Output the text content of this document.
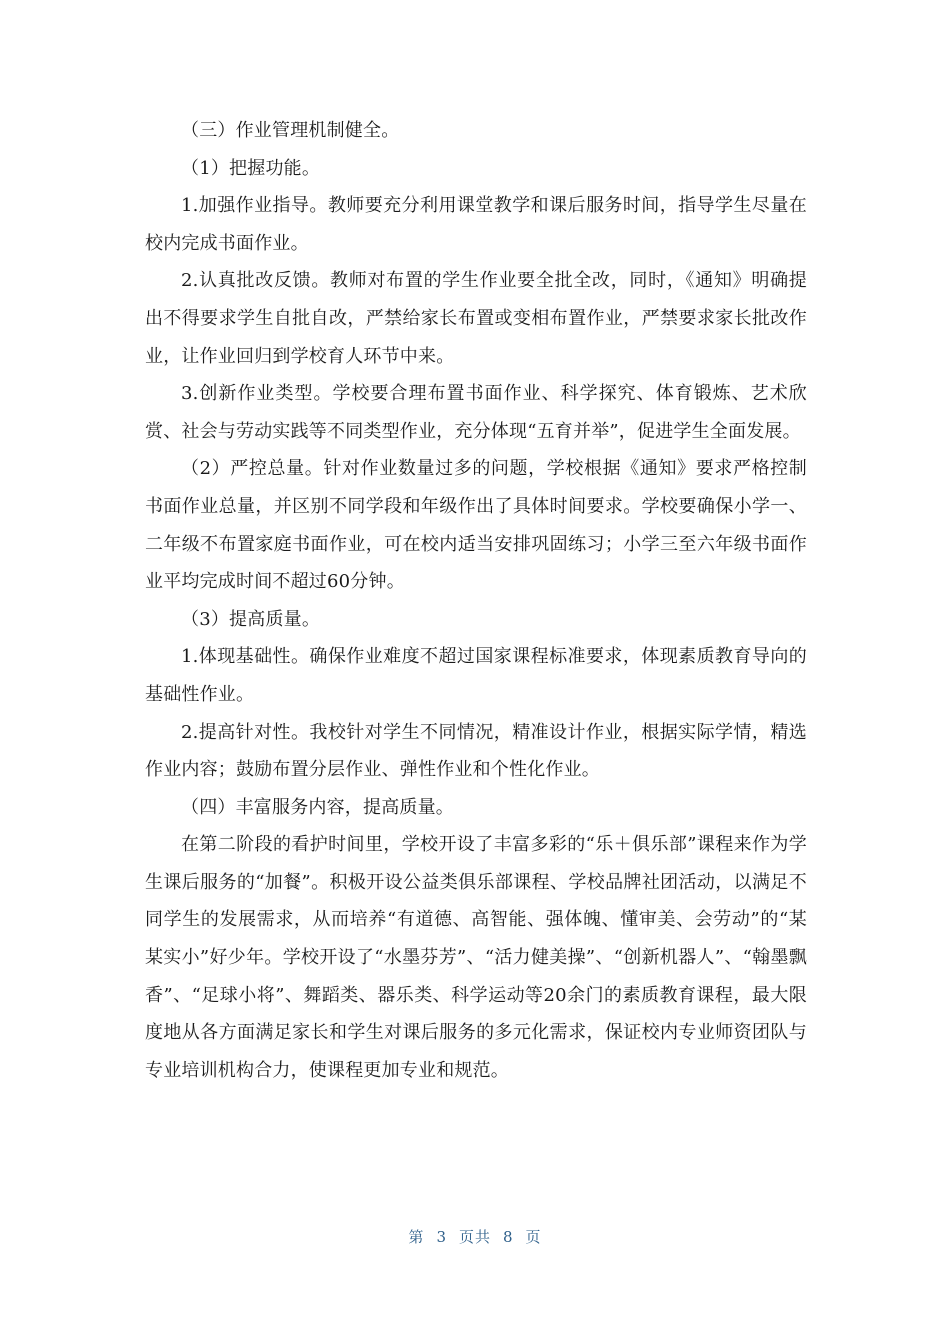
（三）作业管理机制健全。

（1）把握功能。

1.加强作业指导。教师要充分利用课堂教学和课后服务时间，指导学生尽量在校内完成书面作业。

2.认真批改反馈。教师对布置的学生作业要全批全改，同时，《通知》明确提出不得要求学生自批自改，严禁给家长布置或变相布置作业，严禁要求家长批改作业，让作业回归到学校育人环节中来。

3.创新作业类型。学校要合理布置书面作业、科学探究、体育锻炼、艺术欣赏、社会与劳动实践等不同类型作业，充分体现“五育并举”，促进学生全面发展。

（2）严控总量。针对作业数量过多的问题，学校根据《通知》要求严格控制书面作业总量，并区别不同学段和年级作出了具体时间要求。学校要确保小学一、二年级不布置家庭书面作业，可在校内适当安排巩固练习；小学三至六年级书面作业平均完成时间不超过60分钟。

（3）提高质量。

1.体现基础性。确保作业难度不超过国家课程标准要求，体现素质教育导向的基础性作业。

2.提高针对性。我校针对学生不同情况，精准设计作业，根据实际学情，精选作业内容；鼓励布置分层作业、弹性作业和个性化作业。

（四）丰富服务内容，提高质量。

在第二阶段的看护时间里，学校开设了丰富多彩的“乐＋俱乐部”课程来作为学生课后服务的“加餐”。积极开设公益类俱乐部课程、学校品牌社团活动，以满足不同学生的发展需求，从而培养“有道德、高智能、强体魄、懂审美、会劳动”的“某某实小”好少年。学校开设了“水墨芬芳”、“活力健美操”、“创新机器人”、“翰墨飘香”、“足球小将”、舞蹈类、器乐类、科学运动等20余门的素质教育课程，最大限度地从各方面满足家长和学生对课后服务的多元化需求，保证校内专业师资团队与专业培训机构合力，使课程更加专业和规范。

第 3 页共 8 页
